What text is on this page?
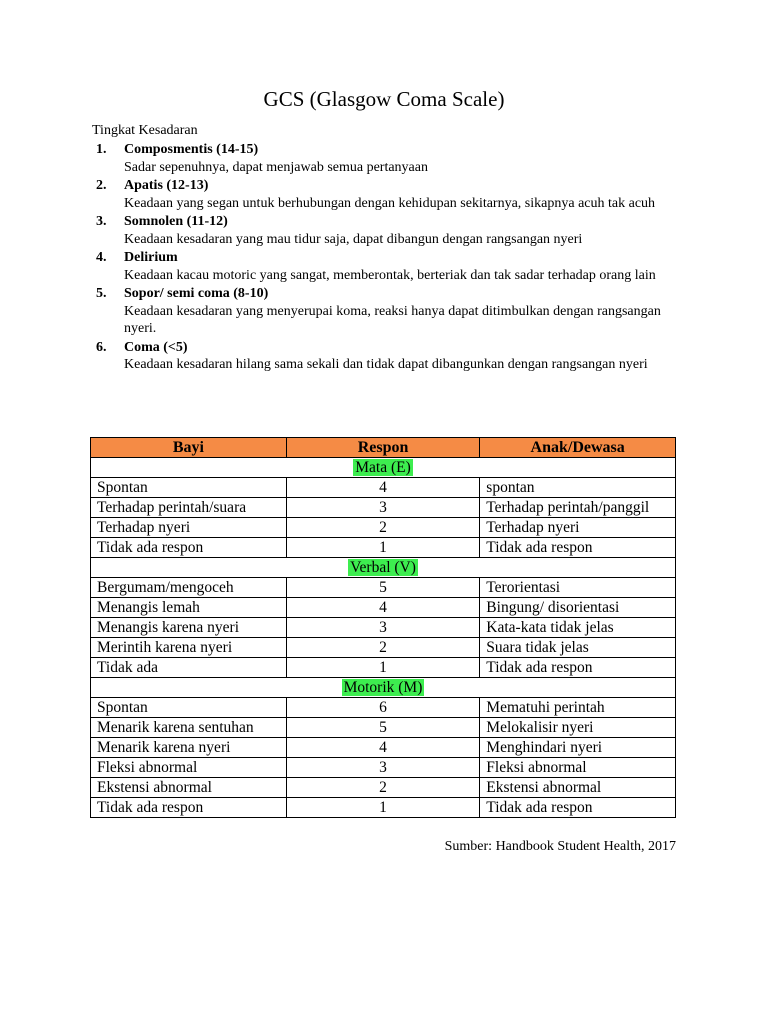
GCS (Glasgow Coma Scale)
Tingkat Kesadaran
1. Composmentis (14-15)
Sadar sepenuhnya, dapat menjawab semua pertanyaan
2. Apatis (12-13)
Keadaan yang segan untuk berhubungan dengan kehidupan sekitarnya, sikapnya acuh tak acuh
3. Somnolen (11-12)
Keadaan kesadaran yang mau tidur saja, dapat dibangun dengan rangsangan nyeri
4. Delirium
Keadaan kacau motoric yang sangat, memberontak, berteriak dan tak sadar terhadap orang lain
5. Sopor/ semi coma (8-10)
Keadaan kesadaran yang menyerupai koma, reaksi hanya dapat ditimbulkan dengan rangsangan nyeri.
6. Coma (<5)
Keadaan kesadaran hilang sama sekali dan tidak dapat dibangunkan dengan rangsangan nyeri
Bayi	Respon	Anak/Dewasa
Mata (E)		
Spontan	4	spontan
Terhadap perintah/suara	3	Terhadap perintah/panggil
Terhadap nyeri	2	Terhadap nyeri
Tidak ada respon	1	Tidak ada respon
Verbal (V)		
Bergumam/mengoceh	5	Terorientasi
Menangis lemah	4	Bingung/ disorientasi
Menangis karena nyeri	3	Kata-kata tidak jelas
Merintih karena nyeri	2	Suara tidak jelas
Tidak ada	1	Tidak ada respon
Motorik (M)		
Spontan	6	Mematuhi perintah
Menarik karena sentuhan	5	Melokalisir nyeri
Menarik karena nyeri	4	Menghindari nyeri
Fleksi abnormal	3	Fleksi abnormal
Ekstensi abnormal	2	Ekstensi abnormal
Tidak ada respon	1	Tidak ada respon
Sumber: Handbook Student Health, 2017
